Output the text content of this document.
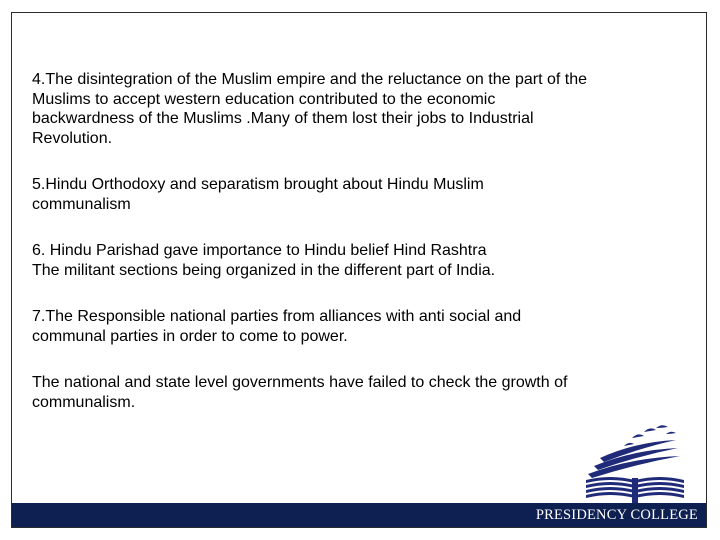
4.The disintegration of the Muslim empire and the reluctance on the part of the
Muslims to accept western education contributed to the economic
backwardness of the Muslims .Many of them lost their jobs to Industrial
Revolution.

5.Hindu Orthodoxy and separatism brought about Hindu Muslim
communalism

6. Hindu Parishad gave importance to Hindu belief Hind Rashtra
The militant sections being organized in the different part of India.

7.The Responsible national parties from alliances with anti social and
communal parties in order to come to power.

The national and state level governments have failed to check the growth of
communalism.

PRESIDENCY COLLEGE
